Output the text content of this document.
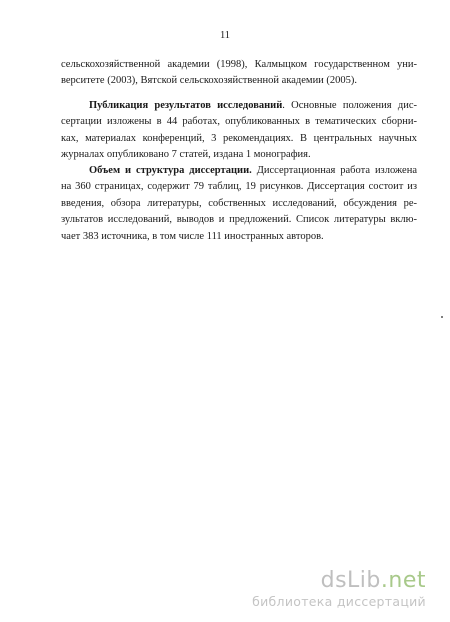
11
сельскохозяйственной академии (1998), Калмыцком государственном уни-
верситете (2003), Вятской сельскохозяйственной академии (2005).
Публикация результатов исследований. Основные положения дис-
сертации изложены в 44 работах, опубликованных в тематических сборни-
ках, материалах конференций, 3 рекомендациях. В центральных научных
журналах опубликовано 7 статей, издана 1 монография.
Объем и структура диссертации. Диссертационная работа изложена
на 360 страницах, содержит 79 таблиц, 19 рисунков. Диссертация состоит из
введения, обзора литературы, собственных исследований, обсуждения ре-
зультатов исследований, выводов и предложений. Список литературы вклю-
чает 383 источника, в том числе 111 иностранных авторов.
dsLib.net
библиотека диссертаций
